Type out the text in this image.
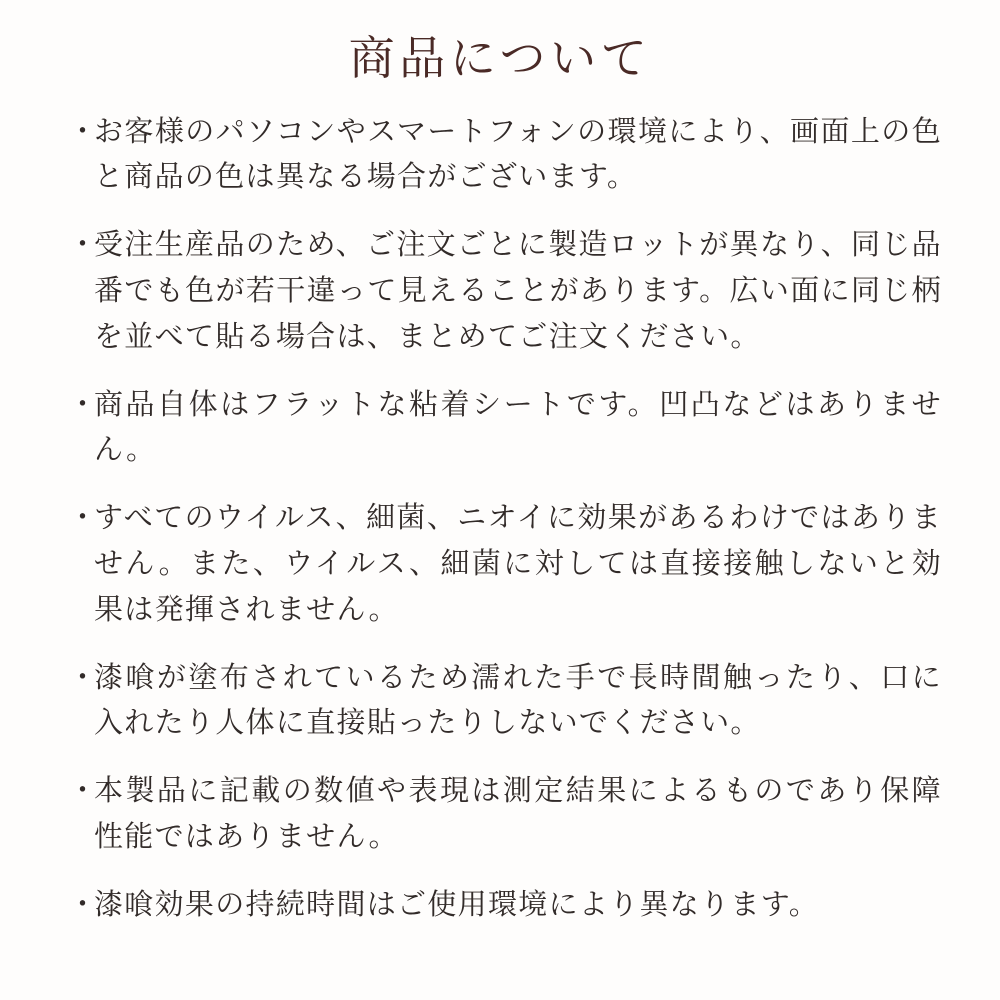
商品について
・
お客様のパソコンやスマートフォンの環境により、画面上の色と商品の色は異なる場合がございます。
・
受注生産品のため、ご注文ごとに製造ロットが異なり、同じ品番でも色が若干違って見えることがあります。広い面に同じ柄を並べて貼る場合は、まとめてご注文ください。
・
商品自体はフラットな粘着シートです。凹凸などはありません。
・
すべてのウイルス、細菌、ニオイに効果があるわけではありません。また、ウイルス、細菌に対しては直接接触しないと効果は発揮されません。
・
漆喰が塗布されているため濡れた手で長時間触ったり、口に入れたり人体に直接貼ったりしないでください。
・
本製品に記載の数値や表現は測定結果によるものであり保障性能ではありません。
・
漆喰効果の持続時間はご使用環境により異なります。
